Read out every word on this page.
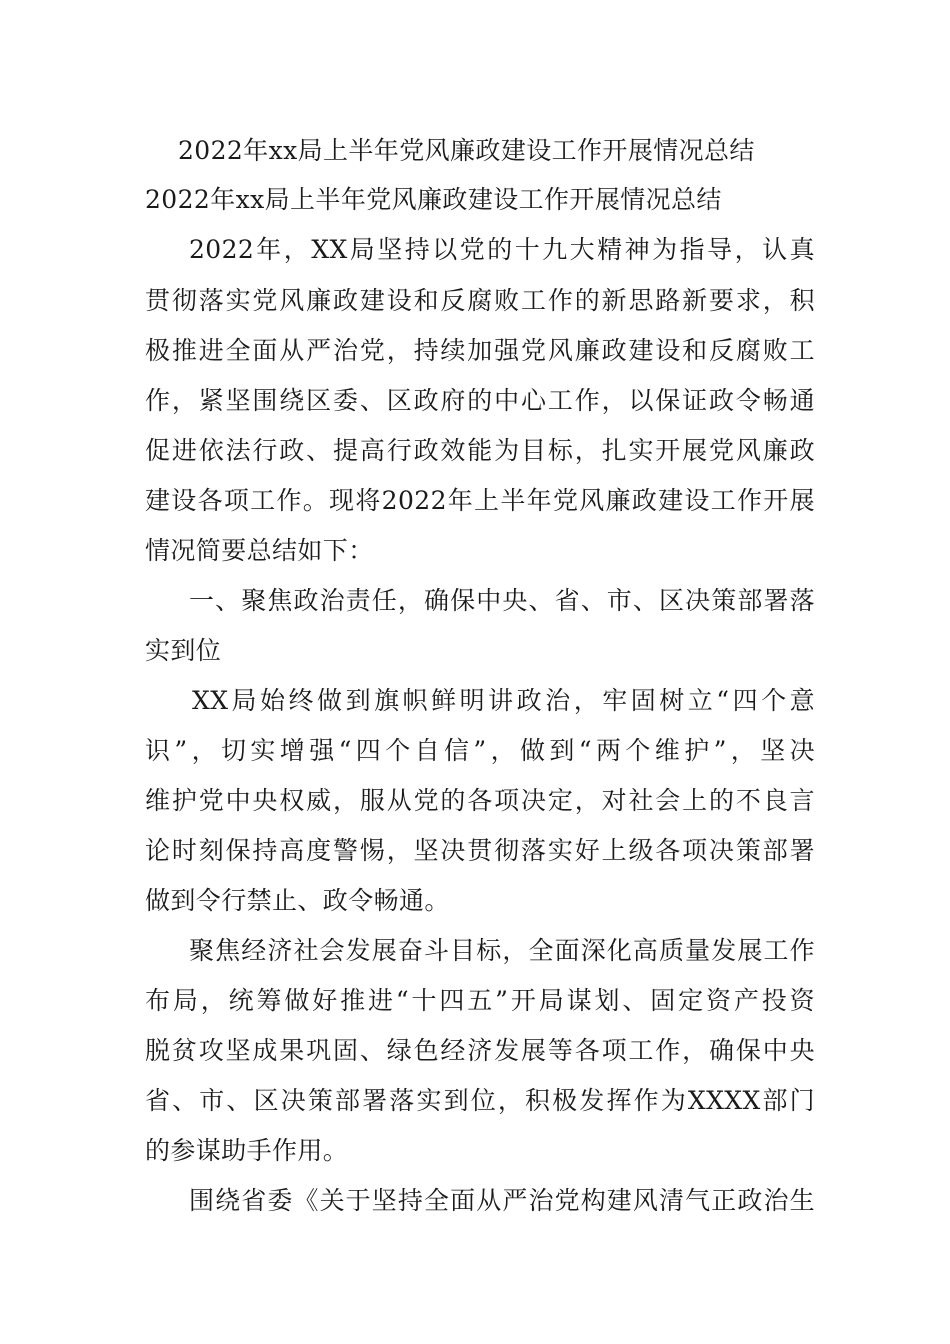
2022年xx局上半年党风廉政建设工作开展情况总结
2022年xx局上半年党风廉政建设工作开展情况总结
2022年，XX局坚持以党的十九大精神为指导，认真
贯彻落实党风廉政建设和反腐败工作的新思路新要求，积
极推进全面从严治党，持续加强党风廉政建设和反腐败工
作，紧坚围绕区委、区政府的中心工作，以保证政令畅通
促进依法行政、提高行政效能为目标，扎实开展党风廉政
建设各项工作。现将2022年上半年党风廉政建设工作开展
情况简要总结如下：
一、聚焦政治责任，确保中央、省、市、区决策部署落
实到位
XX局始终做到旗帜鲜明讲政治，牢固树立“四个意
识”，切实增强“四个自信”，做到“两个维护”，坚决
维护党中央权威，服从党的各项决定，对社会上的不良言
论时刻保持高度警惕，坚决贯彻落实好上级各项决策部署
做到令行禁止、政令畅通。
聚焦经济社会发展奋斗目标，全面深化高质量发展工作
布局，统筹做好推进“十四五”开局谋划、固定资产投资
脱贫攻坚成果巩固、绿色经济发展等各项工作，确保中央
省、市、区决策部署落实到位，积极发挥作为XXXX部门
的参谋助手作用。
围绕省委《关于坚持全面从严治党构建风清气正政治生
